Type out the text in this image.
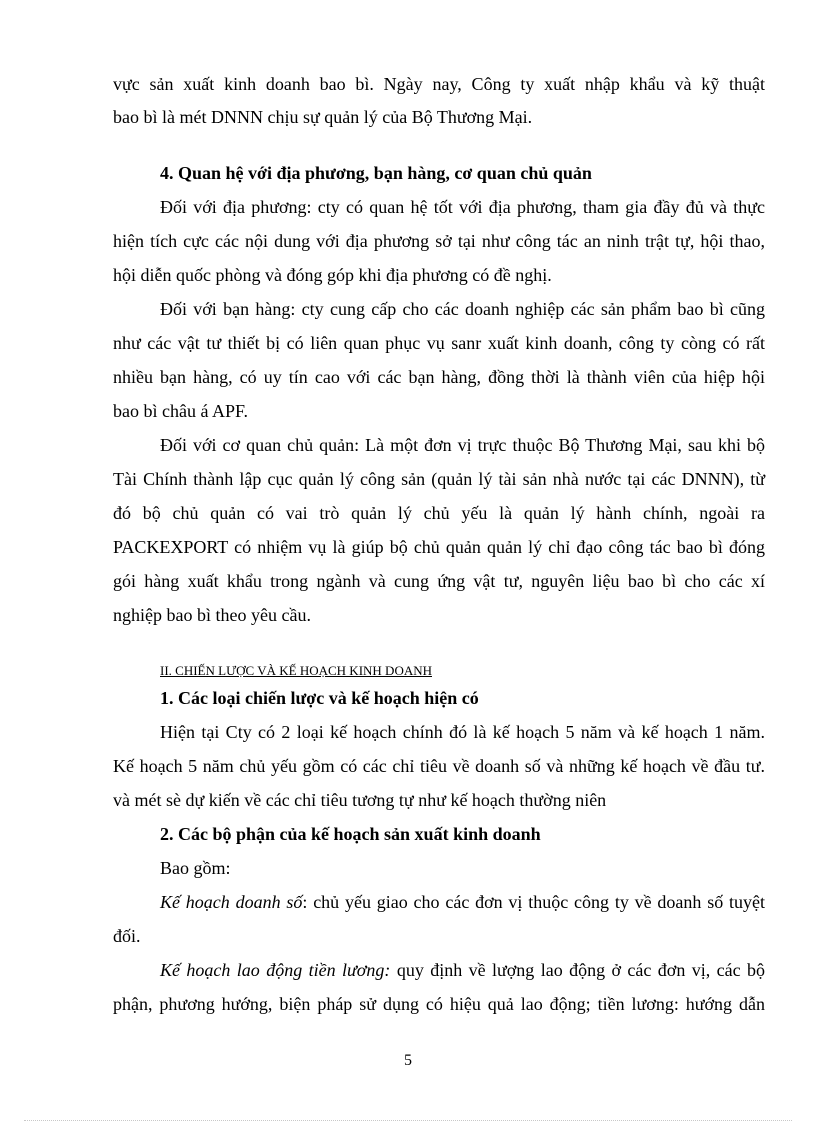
vực sản xuất kinh doanh bao bì. Ngày nay, Công ty xuất nhập khẩu và kỹ thuật
bao bì là mét DNNN chịu sự quản lý của Bộ Thương Mại.
4. Quan hệ với địa phương, bạn hàng, cơ quan chủ quản
Đối với địa phương: cty có quan hệ tốt với địa phương, tham gia đầy đủ và thực
hiện tích cực các nội dung với địa phương sở tại như công tác an ninh trật tự, hội thao,
hội diễn quốc phòng và đóng góp khi địa phương có đề nghị.
Đối với bạn hàng: cty cung cấp cho các doanh nghiệp các sản phẩm bao bì cũng
như các vật tư thiết bị có liên quan phục vụ sanr xuất kinh doanh, công ty còng có rất
nhiều bạn hàng, có uy tín cao với các bạn hàng, đồng thời là thành viên của hiệp hội
bao bì châu á APF.
Đối với cơ quan chủ quản: Là một đơn vị trực thuộc Bộ Thương Mại, sau khi bộ
Tài Chính thành lập cục quản lý công sản (quản lý tài sản nhà nước tại các DNNN), từ
đó bộ chủ quản có vai trò quản lý chủ yếu là quản lý hành chính, ngoài ra
PACKEXPORT có nhiệm vụ là giúp bộ chủ quản quản lý chỉ đạo công tác bao bì đóng
gói hàng xuất khẩu trong ngành và cung ứng vật tư, nguyên liệu bao bì cho các xí
nghiệp bao bì theo yêu cầu.
II. CHIẾN LƯỢC VÀ KẾ HOẠCH KINH DOANH
1. Các loại chiến lược và kế hoạch hiện có
Hiện tại Cty có 2 loại kế hoạch chính đó là kế hoạch 5 năm và kế hoạch 1 năm.
Kế hoạch 5 năm chủ yếu gồm có các chỉ tiêu về doanh số và những kế hoạch về đầu tư.
và mét sè dự kiến về các chỉ tiêu tương tự như kế hoạch thường niên
2. Các bộ phận của kế hoạch sản xuất kinh doanh
Bao gồm:
Kế hoạch doanh số: chủ yếu giao cho các đơn vị thuộc công ty về doanh số tuyệt
đối.
Kế hoạch lao động tiền lương: quy định về lượng lao động ở các đơn vị, các bộ
phận, phương hướng, biện pháp sử dụng có hiệu quả lao động; tiền lương: hướng dẫn
5
